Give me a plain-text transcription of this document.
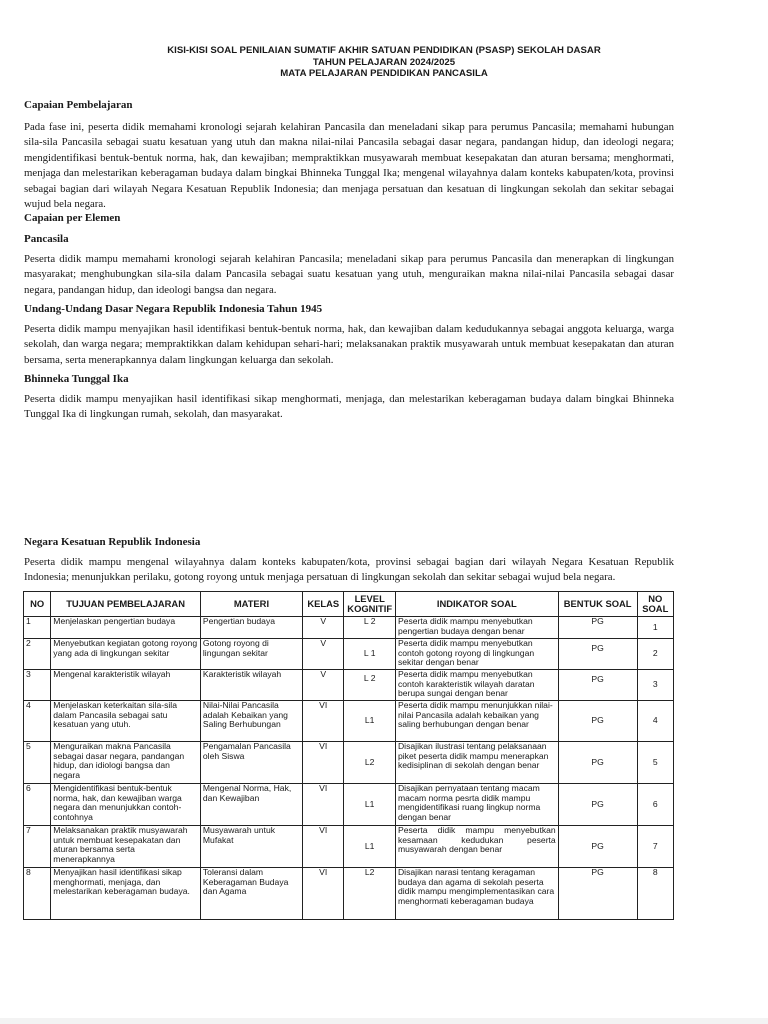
KISI-KISI SOAL PENILAIAN SUMATIF AKHIR SATUAN PENDIDIKAN (PSASP) SEKOLAH DASAR
TAHUN PELAJARAN 2024/2025
MATA PELAJARAN PENDIDIKAN PANCASILA
Capaian Pembelajaran
Pada fase ini, peserta didik memahami kronologi sejarah kelahiran Pancasila dan meneladani sikap para perumus Pancasila; memahami hubungan sila-sila Pancasila sebagai suatu kesatuan yang utuh dan makna nilai-nilai Pancasila sebagai dasar negara, pandangan hidup, dan ideologi negara; mengidentifikasi bentuk-bentuk norma, hak, dan kewajiban; mempraktikkan musyawarah membuat kesepakatan dan aturan bersama; menghormati, menjaga dan melestarikan keberagaman budaya dalam bingkai Bhinneka Tunggal Ika; mengenal wilayahnya dalam konteks kabupaten/kota, provinsi sebagai bagian dari wilayah Negara Kesatuan Republik Indonesia; dan menjaga persatuan dan kesatuan di lingkungan sekolah dan sekitar sebagai wujud bela negara.
Capaian per Elemen
Pancasila
Peserta didik mampu memahami kronologi sejarah kelahiran Pancasila; meneladani sikap para perumus Pancasila dan menerapkan di lingkungan masyarakat; menghubungkan sila-sila dalam Pancasila sebagai suatu kesatuan yang utuh, menguraikan makna nilai-nilai Pancasila sebagai dasar negara, pandangan hidup, dan ideologi bangsa dan negara.
Undang-Undang Dasar Negara Republik Indonesia Tahun 1945
Peserta didik mampu menyajikan hasil identifikasi bentuk-bentuk norma, hak, dan kewajiban dalam kedudukannya sebagai anggota keluarga, warga sekolah, dan warga negara; mempraktikkan dalam kehidupan sehari-hari; melaksanakan praktik musyawarah untuk membuat kesepakatan dan aturan bersama, serta menerapkannya dalam lingkungan keluarga dan sekolah.
Bhinneka Tunggal Ika
Peserta didik mampu menyajikan hasil identifikasi sikap menghormati, menjaga, dan melestarikan keberagaman budaya dalam bingkai Bhinneka Tunggal Ika di lingkungan rumah, sekolah, dan masyarakat.
Negara Kesatuan Republik Indonesia
Peserta didik mampu mengenal wilayahnya dalam konteks kabupaten/kota, provinsi sebagai bagian dari wilayah Negara Kesatuan Republik Indonesia; menunjukkan perilaku, gotong royong untuk menjaga persatuan di lingkungan sekolah dan sekitar sebagai wujud bela negara.
NO	TUJUAN PEMBELAJARAN	MATERI	KELAS	LEVEL KOGNITIF	INDIKATOR SOAL	BENTUK SOAL	NO SOAL
1	Menjelaskan pengertian budaya	Pengertian budaya	V	L 2	Peserta didik mampu menyebutkan pengertian budaya dengan benar	PG	1
2	Menyebutkan kegiatan gotong royong yang ada di lingkungan sekitar	Gotong royong di lingungan sekitar	V	L 1	Peserta didik mampu menyebutkan contoh gotong royong di lingkungan sekitar dengan benar	PG	2
3	Mengenal karakteristik wilayah	Karakteristik wilayah	V	L 2	Peserta didik mampu menyebutkan contoh karakteristik wilayah daratan berupa sungai dengan benar	PG	3
4	Menjelaskan keterkaitan sila-sila dalam Pancasila sebagai satu kesatuan yang utuh.	Nilai-Nilai Pancasila adalah Kebaikan yang Saling Berhubungan	VI	L1	Peserta didik mampu menunjukkan nilai-nilai Pancasila adalah kebaikan yang saling berhubungan dengan benar	PG	4
5	Menguraikan makna Pancasila sebagai dasar negara, pandangan hidup, dan idiologi bangsa dan negara	Pengamalan Pancasila oleh Siswa	VI	L2	Disajikan ilustrasi tentang pelaksanaan piket peserta didik mampu menerapkan kedisiplinan di sekolah dengan benar	PG	5
6	Mengidentifikasi bentuk-bentuk norma, hak, dan kewajiban warga negara dan menunjukkan contoh-contohnya	Mengenal Norma, Hak, dan Kewajiban	VI	L1	Disajikan pernyataan tentang macam macam norma pesrta didik mampu mengidentifikasi ruang lingkup norma dengan benar	PG	6
7	Melaksanakan praktik musyawarah untuk membuat kesepakatan dan aturan bersama serta menerapkannya	Musyawarah untuk Mufakat	VI	L1	Peserta didik mampu menyebutkan kesamaan kedudukan peserta musyawarah dengan benar	PG	7
8	Menyajikan hasil identifikasi sikap menghormati, menjaga, dan melestarikan keberagaman budaya.	Toleransi dalam Keberagaman Budaya dan Agama	VI	L2	Disajikan narasi tentang keragaman budaya dan agama di sekolah peserta didik mampu mengimplementasikan cara menghormati keberagaman budaya	PG	8
